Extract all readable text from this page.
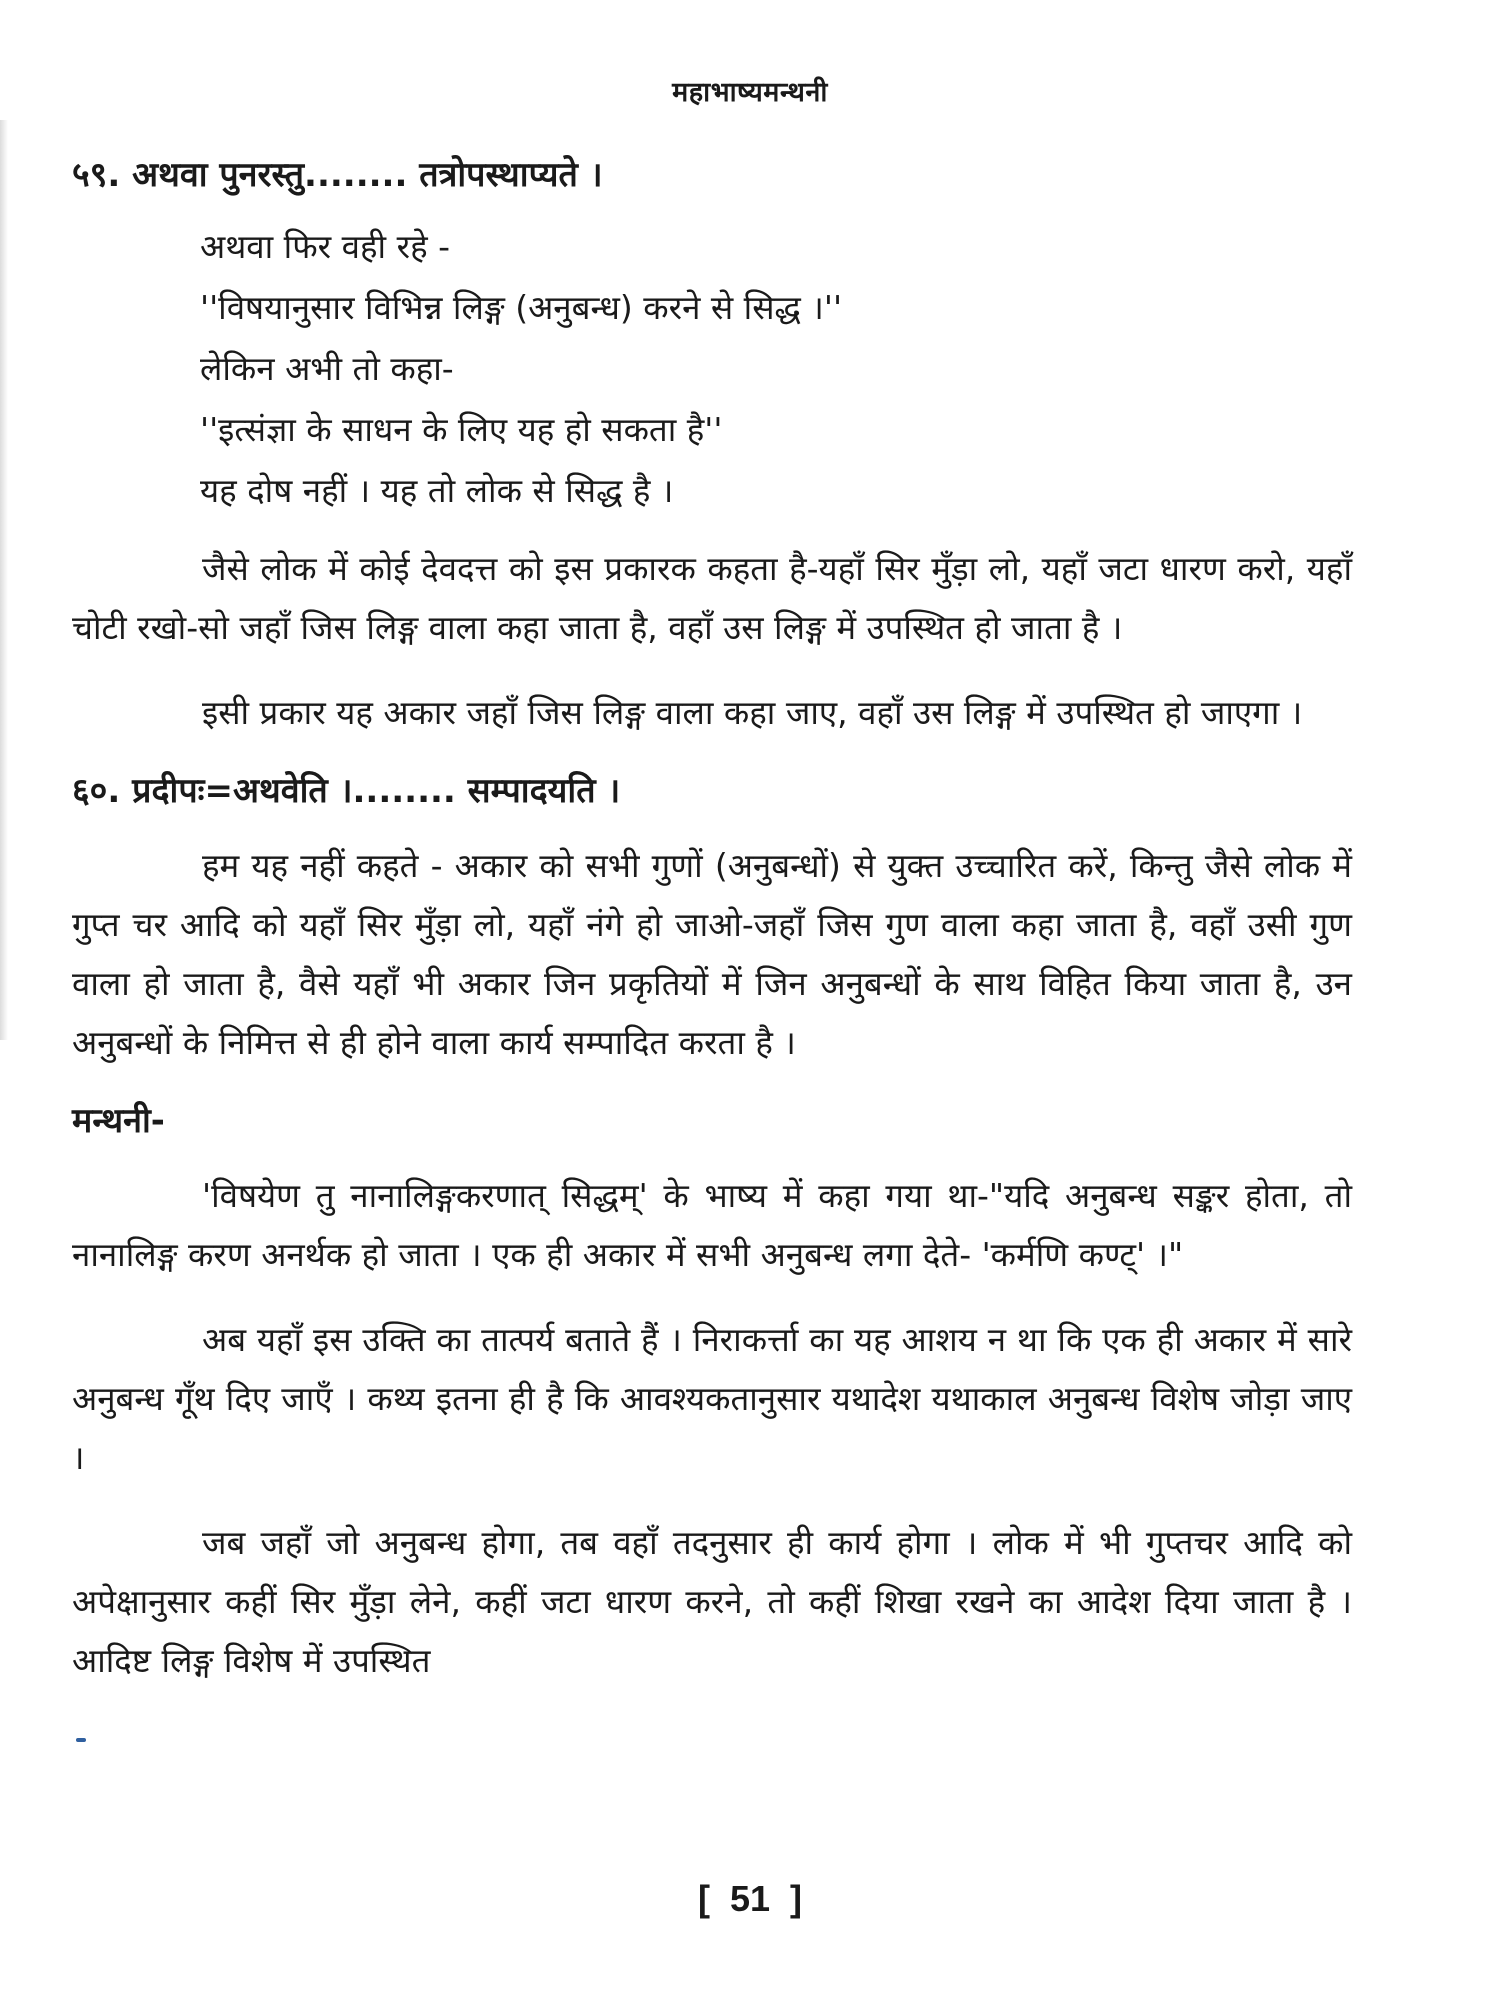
महाभाष्यमन्थनी
५९. अथवा पुनरस्तु........ तत्रोपस्थाप्यते ।
अथवा फिर वही रहे -
''विषयानुसार विभिन्न लिङ्ग (अनुबन्ध) करने से सिद्ध ।''
लेकिन अभी तो कहा-
''इत्संज्ञा के साधन के लिए यह हो सकता है''
यह दोष नहीं । यह तो लोक से सिद्ध है ।

जैसे लोक में कोई देवदत्त को इस प्रकारक कहता है-यहाँ सिर मुँड़ा लो, यहाँ जटा धारण करो, यहाँ चोटी रखो-सो जहाँ जिस लिङ्ग वाला कहा जाता है, वहाँ उस लिङ्ग में उपस्थित हो जाता है ।

इसी प्रकार यह अकार जहाँ जिस लिङ्ग वाला कहा जाए, वहाँ उस लिङ्ग में उपस्थित हो जाएगा ।

६०. प्रदीपः=अथवेति ।........ सम्पादयति ।

हम यह नहीं कहते - अकार को सभी गुणों (अनुबन्धों) से युक्त उच्चारित करें, किन्तु जैसे लोक में गुप्त चर आदि को यहाँ सिर मुँड़ा लो, यहाँ नंगे हो जाओ-जहाँ जिस गुण वाला कहा जाता है, वहाँ उसी गुण वाला हो जाता है, वैसे यहाँ भी अकार जिन प्रकृतियों में जिन अनुबन्धों के साथ विहित किया जाता है, उन अनुबन्धों के निमित्त से ही होने वाला कार्य सम्पादित करता है ।

मन्थनी-

'विषयेण तु नानालिङ्गकरणात् सिद्धम्' के भाष्य में कहा गया था-"यदि अनुबन्ध सङ्कर होता, तो नानालिङ्ग करण अनर्थक हो जाता । एक ही अकार में सभी अनुबन्ध लगा देते- 'कर्मणि कण्ट्' ।"

अब यहाँ इस उक्ति का तात्पर्य बताते हैं । निराकर्त्ता का यह आशय न था कि एक ही अकार में सारे अनुबन्ध गूँथ दिए जाएँ । कथ्य इतना ही है कि आवश्यकतानुसार यथादेश यथाकाल अनुबन्ध विशेष जोड़ा जाए ।

जब जहाँ जो अनुबन्ध होगा, तब वहाँ तदनुसार ही कार्य होगा । लोक में भी गुप्तचर आदि को अपेक्षानुसार कहीं सिर मुँड़ा लेने, कहीं जटा धारण करने, तो कहीं शिखा रखने का आदेश दिया जाता है । आदिष्ट लिङ्ग विशेष में उपस्थित

[ 51 ]
